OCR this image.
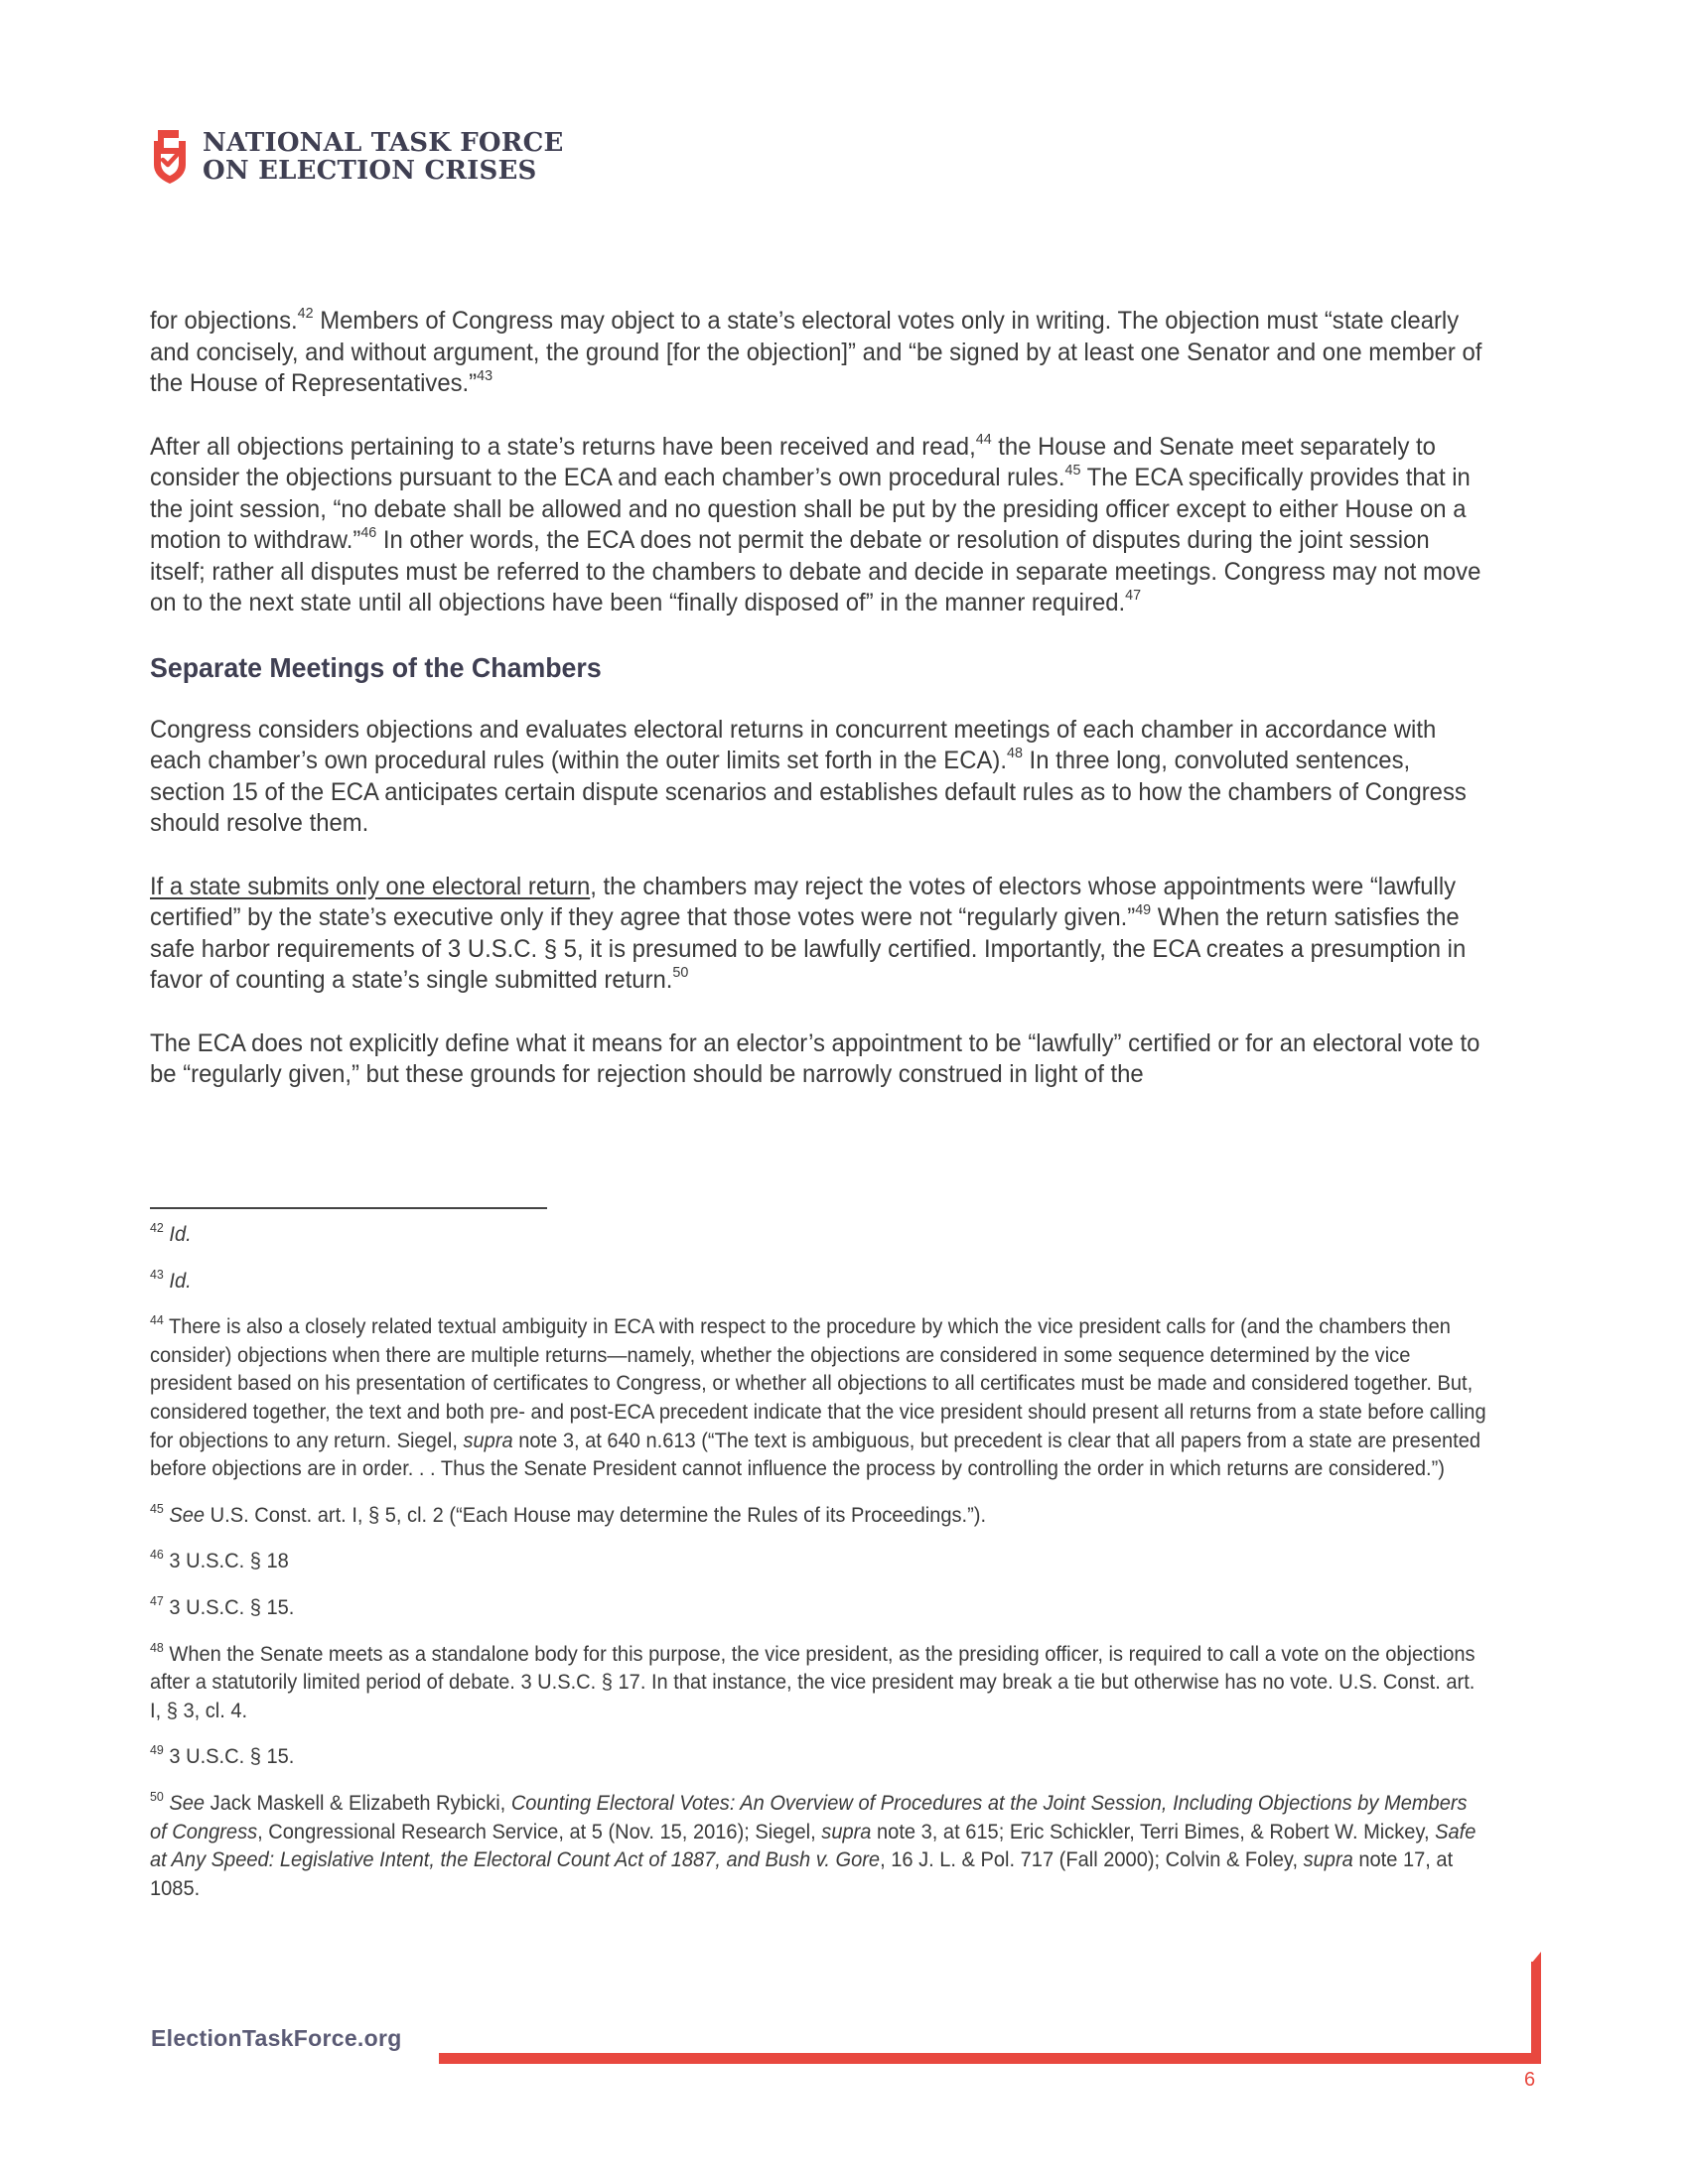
NATIONAL TASK FORCE
ON ELECTION CRISES

for objections.$^{42}$ Members of Congress may object to a state’s electoral votes only in writing. The objection must “state clearly and concisely, and without argument, the ground [for the objection]” and “be signed by at least one Senator and one member of the House of Representatives.”$^{43}$

After all objections pertaining to a state’s returns have been received and read,$^{44}$ the House and Senate meet separately to consider the objections pursuant to the ECA and each chamber’s own procedural rules.$^{45}$ The ECA specifically provides that in the joint session, “no debate shall be allowed and no question shall be put by the presiding officer except to either House on a motion to withdraw.”$^{46}$ In other words, the ECA does not permit the debate or resolution of disputes during the joint session itself; rather all disputes must be referred to the chambers to debate and decide in separate meetings. Congress may not move on to the next state until all objections have been “finally disposed of” in the manner required.$^{47}$

Separate Meetings of the Chambers

Congress considers objections and evaluates electoral returns in concurrent meetings of each chamber in accordance with each chamber’s own procedural rules (within the outer limits set forth in the ECA).$^{48}$ In three long, convoluted sentences, section 15 of the ECA anticipates certain dispute scenarios and establishes default rules as to how the chambers of Congress should resolve them.

If a state submits only one electoral return, the chambers may reject the votes of electors whose appointments were “lawfully certified” by the state’s executive only if they agree that those votes were not “regularly given.”$^{49}$ When the return satisfies the safe harbor requirements of 3 U.S.C. § 5, it is presumed to be lawfully certified. Importantly, the ECA creates a presumption in favor of counting a state’s single submitted return.$^{50}$

The ECA does not explicitly define what it means for an elector’s appointment to be “lawfully” certified or for an electoral vote to be “regularly given,” but these grounds for rejection should be narrowly construed in light of the

$^{42}$ Id.
$^{43}$ Id.
$^{44}$ There is also a closely related textual ambiguity in ECA with respect to the procedure by which the vice president calls for (and the chambers then consider) objections when there are multiple returns—namely, whether the objections are considered in some sequence determined by the vice president based on his presentation of certificates to Congress, or whether all objections to all certificates must be made and considered together. But, considered together, the text and both pre- and post-ECA precedent indicate that the vice president should present all returns from a state before calling for objections to any return. Siegel, supra note 3, at 640 n.613 (“The text is ambiguous, but precedent is clear that all papers from a state are presented before objections are in order. . . Thus the Senate President cannot influence the process by controlling the order in which returns are considered.”)
$^{45}$ See U.S. Const. art. I, § 5, cl. 2 (“Each House may determine the Rules of its Proceedings.”).
$^{46}$ 3 U.S.C. § 18
$^{47}$ 3 U.S.C. § 15.
$^{48}$ When the Senate meets as a standalone body for this purpose, the vice president, as the presiding officer, is required to call a vote on the objections after a statutorily limited period of debate. 3 U.S.C. § 17. In that instance, the vice president may break a tie but otherwise has no vote. U.S. Const. art. I, § 3, cl. 4.
$^{49}$ 3 U.S.C. § 15.
$^{50}$ See Jack Maskell & Elizabeth Rybicki, Counting Electoral Votes: An Overview of Procedures at the Joint Session, Including Objections by Members of Congress, Congressional Research Service, at 5 (Nov. 15, 2016); Siegel, supra note 3, at 615; Eric Schickler, Terri Bimes, & Robert W. Mickey, Safe at Any Speed: Legislative Intent, the Electoral Count Act of 1887, and Bush v. Gore, 16 J. L. & Pol. 717 (Fall 2000); Colvin & Foley, supra note 17, at 1085.
ElectionTaskForce.org
6
